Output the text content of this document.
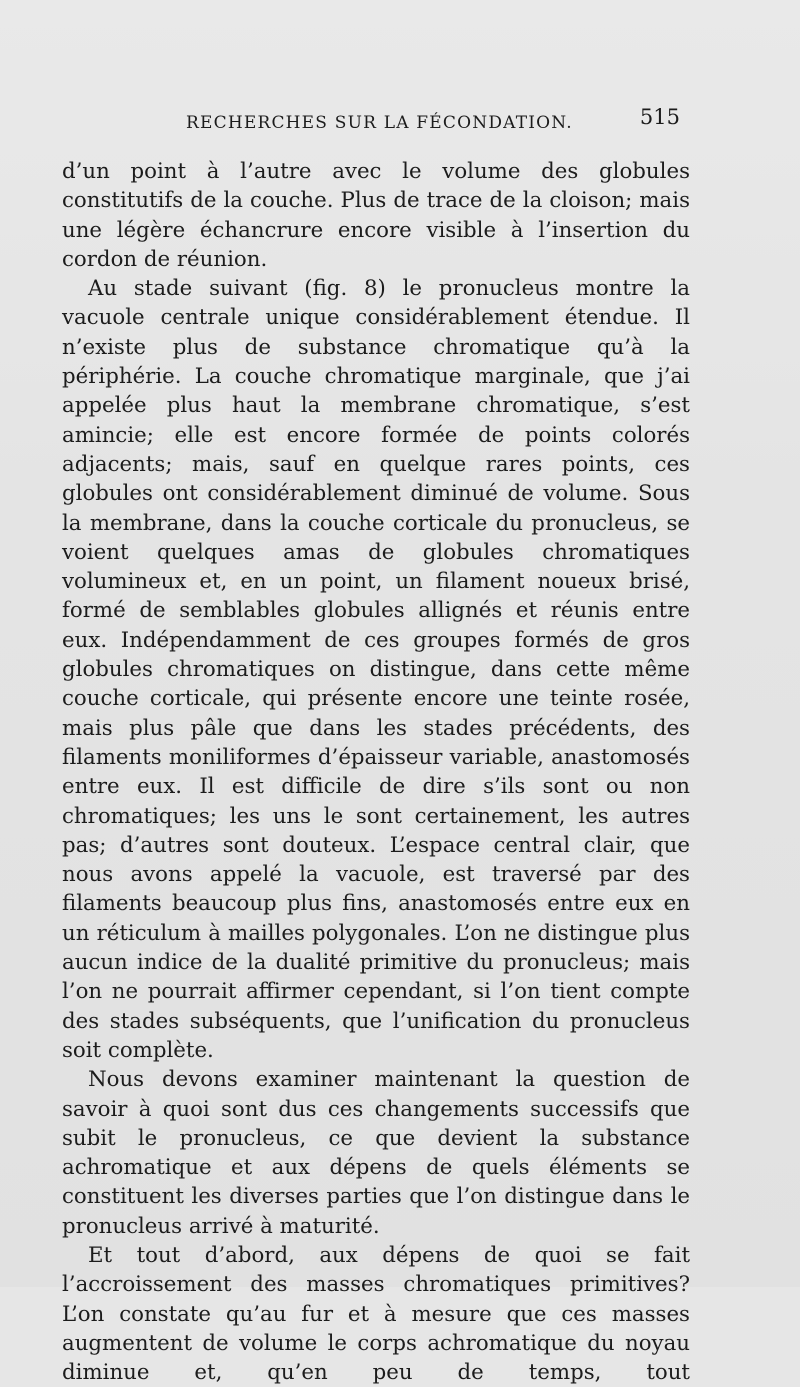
RECHERCHES SUR LA FÉCONDATION.	515

d’un point à l’autre avec le volume des globules constitutifs de la couche. Plus de trace de la cloison; mais une légère échancrure encore visible à l’insertion du cordon de réunion.

Au stade suivant (fig. 8) le pronucleus montre la vacuole centrale unique considérablement étendue. Il n’existe plus de substance chromatique qu’à la périphérie. La couche chromatique marginale, que j’ai appelée plus haut la membrane chromatique, s’est amincie; elle est encore formée de points colorés adjacents; mais, sauf en quelque rares points, ces globules ont considérablement diminué de volume. Sous la membrane, dans la couche corticale du pronucleus, se voient quelques amas de globules chromatiques volumineux et, en un point, un filament noueux brisé, formé de semblables globules allignés et réunis entre eux. Indépendamment de ces groupes formés de gros globules chromatiques on distingue, dans cette même couche corticale, qui présente encore une teinte rosée, mais plus pâle que dans les stades précédents, des filaments moniliformes d’épaisseur variable, anastomosés entre eux. Il est difficile de dire s’ils sont ou non chromatiques; les uns le sont certainement, les autres pas; d’autres sont douteux. L’espace central clair, que nous avons appelé la vacuole, est traversé par des filaments beaucoup plus fins, anastomosés entre eux en un réticulum à mailles polygonales. L’on ne distingue plus aucun indice de la dualité primitive du pronucleus; mais l’on ne pourrait affirmer cependant, si l’on tient compte des stades subséquents, que l’unification du pronucleus soit complète.

Nous devons examiner maintenant la question de savoir à quoi sont dus ces changements successifs que subit le pronucleus, ce que devient la substance achromatique et aux dépens de quels éléments se constituent les diverses parties que l’on distingue dans le pronucleus arrivé à maturité.

Et tout d’abord, aux dépens de quoi se fait l’accroissement des masses chromatiques primitives? L’on constate qu’au fur et à mesure que ces masses augmentent de volume le corps achromatique du noyau diminue et, qu’en peu de temps, tout
